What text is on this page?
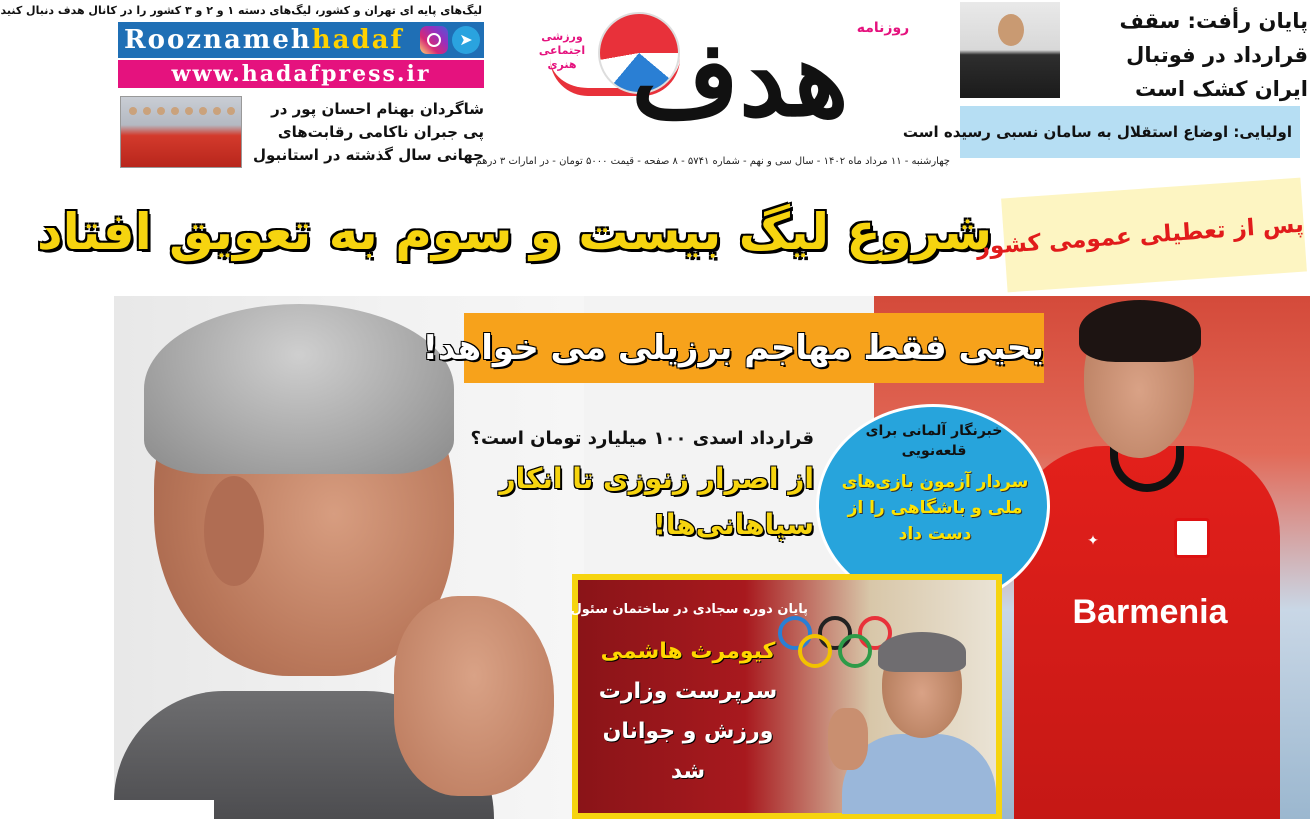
لیگ‌های پایه ای تهران و کشور، لیگ‌های دسته ۱ و ۲ و ۳ کشور را در کانال هدف دنبال کنید
Rooznamehhadaf	➤
www.hadafpress.ir
شاگردان بهنام احسان پور در پی جبران ناکامی رقابت‌های جهانی سال گذشته در استانبول
هدف روزنامه
ورزشی
اجتماعی
هنری
چهارشنبه - ۱۱ مرداد ماه ۱۴۰۲ - سال سی و نهم - شماره ۵۷۴۱ - ۸ صفحه - قیمت ۵۰۰۰ تومان - در امارات ۳ درهم
پایان رأفت: سقف قرارداد در فوتبال ایران کشک است
اولیایی: اوضاع استقلال به سامان نسبی رسیده است
شروع لیگ بیست و سوم به تعویق افتاد
پس از تعطیلی عمومی کشور
✦
Barmenia
یحیی فقط مهاجم برزیلی می خواهد!
قرارداد اسدی ۱۰۰ میلیارد تومان است؟
از اصرار زنوزی تا انکار سپاهانی‌ها!
خبرنگار آلمانی برای قلعه‌نویی
سردار آزمون بازی‌های ملی و باشگاهی را از دست داد
پایان دوره سجادی در ساختمان سئول
کیومرث هاشمی
سرپرست وزارت
ورزش و جوانان
شد
